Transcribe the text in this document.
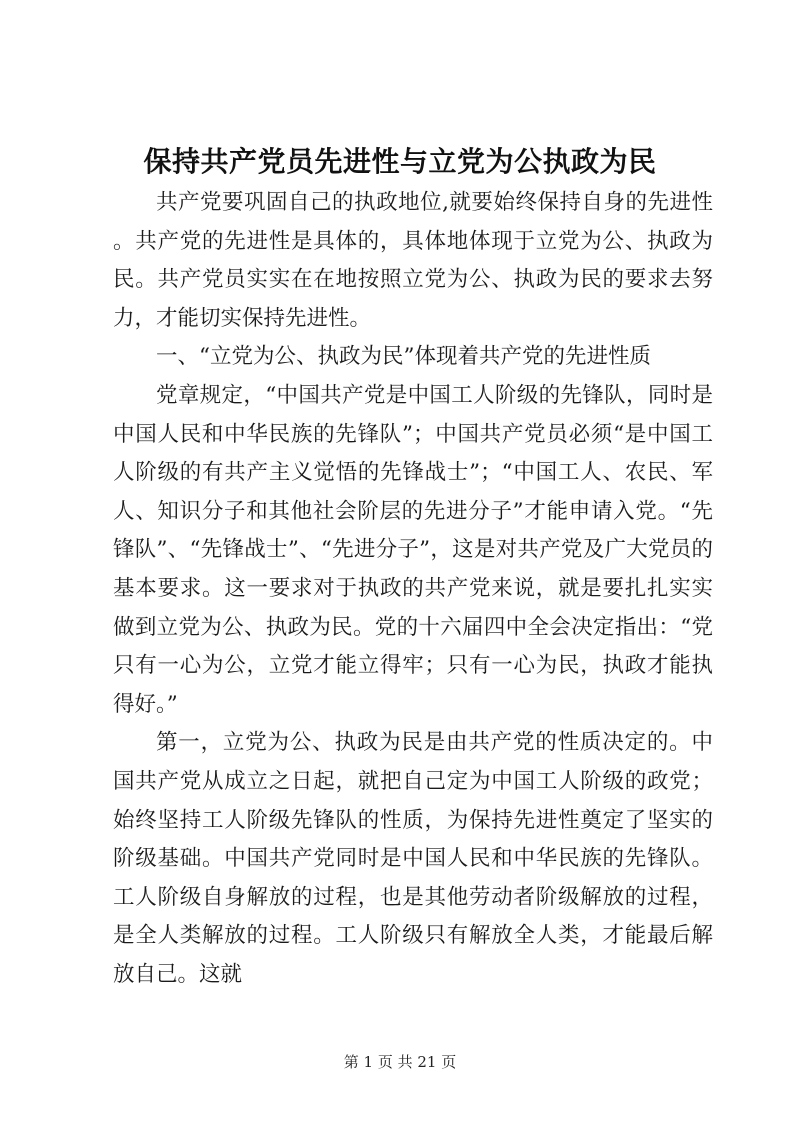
保持共产党员先进性与立党为公执政为民

共产党要巩固自己的执政地位,就要始终保持自身的先进性。共产党的先进性是具体的，具体地体现于立党为公、执政为民。共产党员实实在在地按照立党为公、执政为民的要求去努力，才能切实保持先进性。

一、“立党为公、执政为民”体现着共产党的先进性质

党章规定，“中国共产党是中国工人阶级的先锋队，同时是中国人民和中华民族的先锋队”；中国共产党员必须“是中国工人阶级的有共产主义觉悟的先锋战士”；“中国工人、农民、军人、知识分子和其他社会阶层的先进分子”才能申请入党。“先锋队”、“先锋战士”、“先进分子”，这是对共产党及广大党员的基本要求。这一要求对于执政的共产党来说，就是要扎扎实实做到立党为公、执政为民。党的十六届四中全会决定指出：“党只有一心为公，立党才能立得牢；只有一心为民，执政才能执得好。”

第一，立党为公、执政为民是由共产党的性质决定的。中国共产党从成立之日起，就把自己定为中国工人阶级的政党；始终坚持工人阶级先锋队的性质，为保持先进性奠定了坚实的阶级基础。中国共产党同时是中国人民和中华民族的先锋队。工人阶级自身解放的过程，也是其他劳动者阶级解放的过程，是全人类解放的过程。工人阶级只有解放全人类，才能最后解放自己。这就

第 1 页 共 21 页
